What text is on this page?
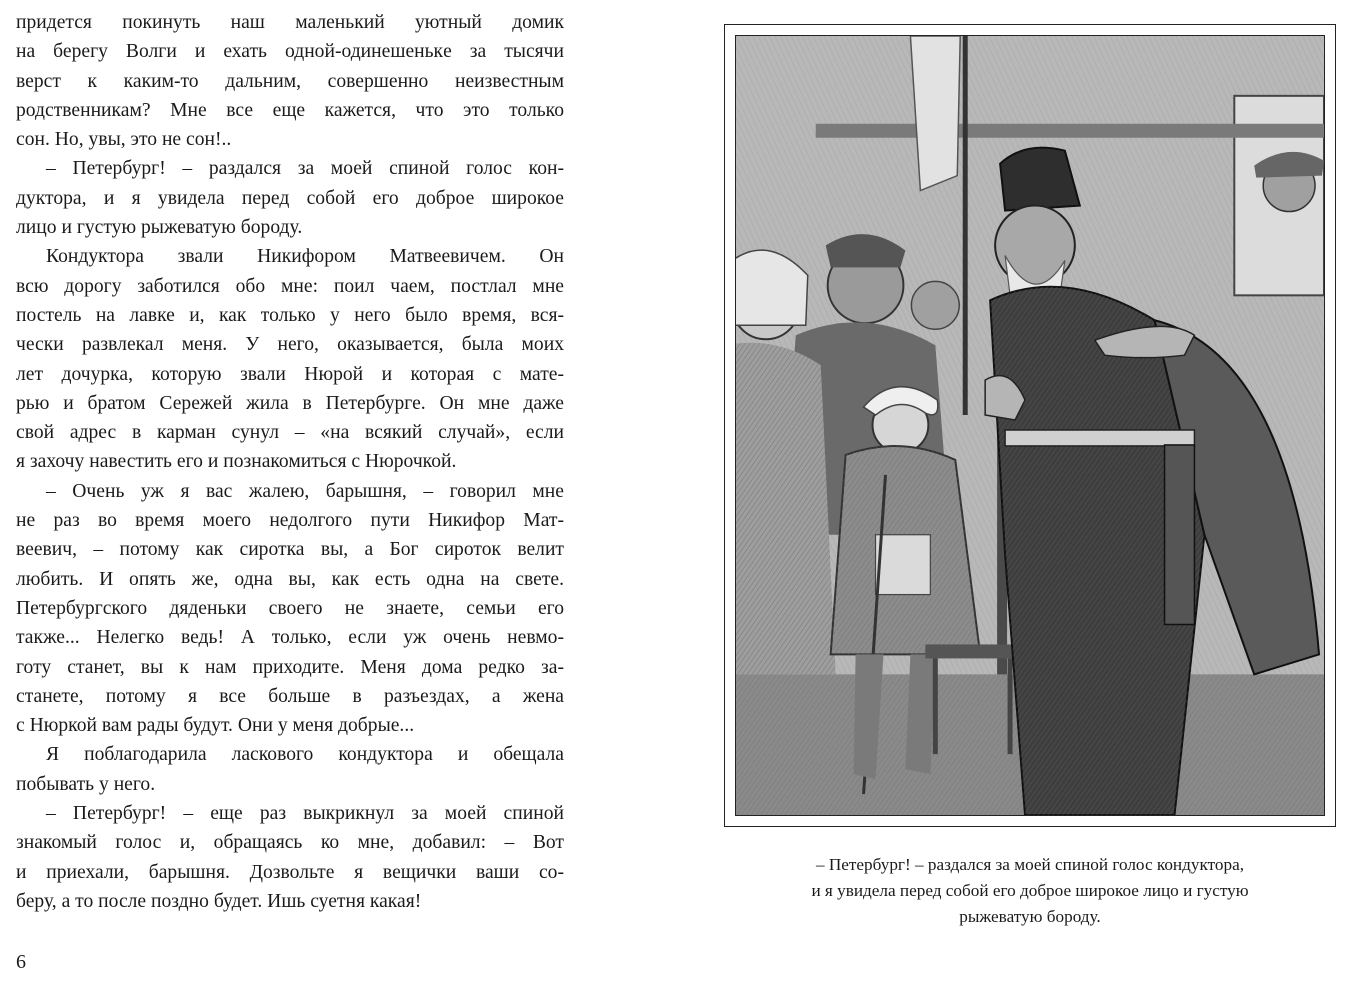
придется покинуть наш маленький уютный домик
на берегу Волги и ехать одной-одинешенькe за тысячи
верст к каким-то дальним, совершенно неизвестным
родственникам? Мне все еще кажется, что это только
сон. Но, увы, это не сон!..
– Петербург! – раздался за моей спиной голос кон-
дуктора, и я увидела перед собой его доброе широкое
лицо и густую рыжеватую бороду.
Кондуктора звали Никифором Матвеевичем. Он
всю дорогу заботился обо мне: поил чаем, постлал мне
постель на лавке и, как только у него было время, вся-
чески развлекал меня. У него, оказывается, была моих
лет дочурка, которую звали Нюрой и которая с мате-
рью и братом Сережей жила в Петербурге. Он мне даже
свой адрес в карман сунул – «на всякий случай», если
я захочу навестить его и познакомиться с Нюрочкой.
– Очень уж я вас жалею, барышня, – говорил мне
не раз во время моего недолгого пути Никифор Мат-
веевич, – потому как сиротка вы, а Бог сироток велит
любить. И опять же, одна вы, как есть одна на свете.
Петербургского дяденьки своего не знаете, семьи его
также... Нелегко ведь! А только, если уж очень невмо-
готу станет, вы к нам приходите. Меня дома редко за-
станете, потому я все больше в разъездах, а жена
с Нюркой вам рады будут. Они у меня добрые...
Я поблагодарила ласкового кондуктора и обещала
побывать у него.
– Петербург! – еще раз выкрикнул за моей спиной
знакомый голос и, обращаясь ко мне, добавил: – Вот
и приехали, барышня. Дозвольте я вещички ваши со-
беру, а то после поздно будет. Ишь суетня какая!
6
– Петербург! – раздался за моей спиной голос кондуктора,
и я увидела перед собой его доброе широкое лицо и густую
рыжеватую бороду.
